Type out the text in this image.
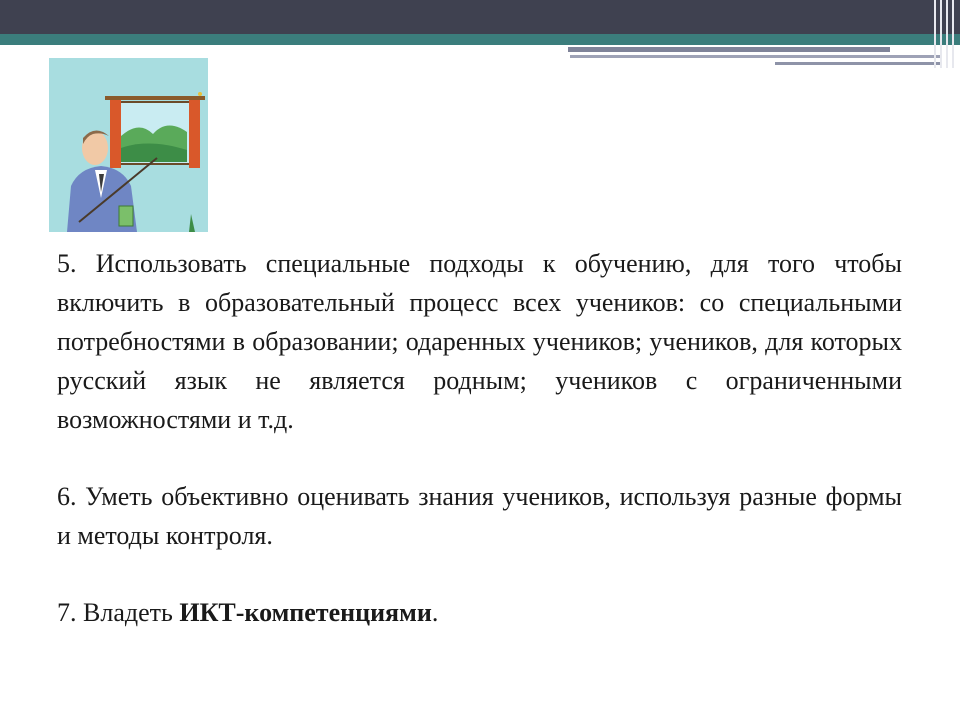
5. Использовать специальные подходы к обучению, для того чтобы включить в образовательный процесс всех учеников: со специальными потребностями в образовании; одаренных учеников; учеников, для которых русский язык не является родным; учеников с ограниченными возможностями и т.д.

6. Уметь объективно оценивать знания учеников, используя разные формы и методы контроля.

7. Владеть ИКТ-компетенциями.
